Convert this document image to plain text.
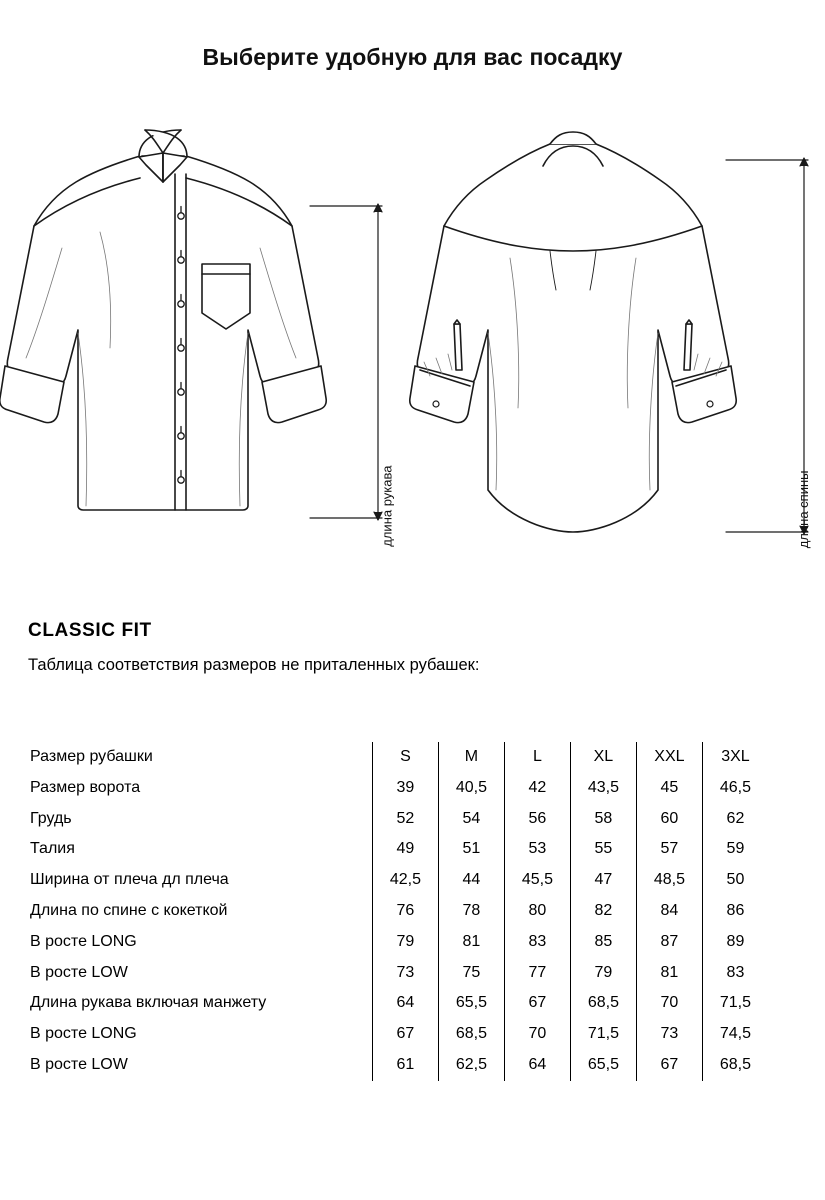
Выберите удобную для вас посадку
длина рукава	длина спины
CLASSIC FIT
Таблица соответствия размеров не приталенных рубашек:
Размер рубашки	S	M	L	XL	XXL	3XL
Размер ворота	39	40,5	42	43,5	45	46,5
Грудь	52	54	56	58	60	62
Талия	49	51	53	55	57	59
Ширина от плеча дл плеча	42,5	44	45,5	47	48,5	50
Длина по спине с кокеткой	76	78	80	82	84	86
В росте LONG	79	81	83	85	87	89
В росте LOW	73	75	77	79	81	83
Длина рукава включая манжету	64	65,5	67	68,5	70	71,5
В росте LONG	67	68,5	70	71,5	73	74,5
В росте LOW	61	62,5	64	65,5	67	68,5
